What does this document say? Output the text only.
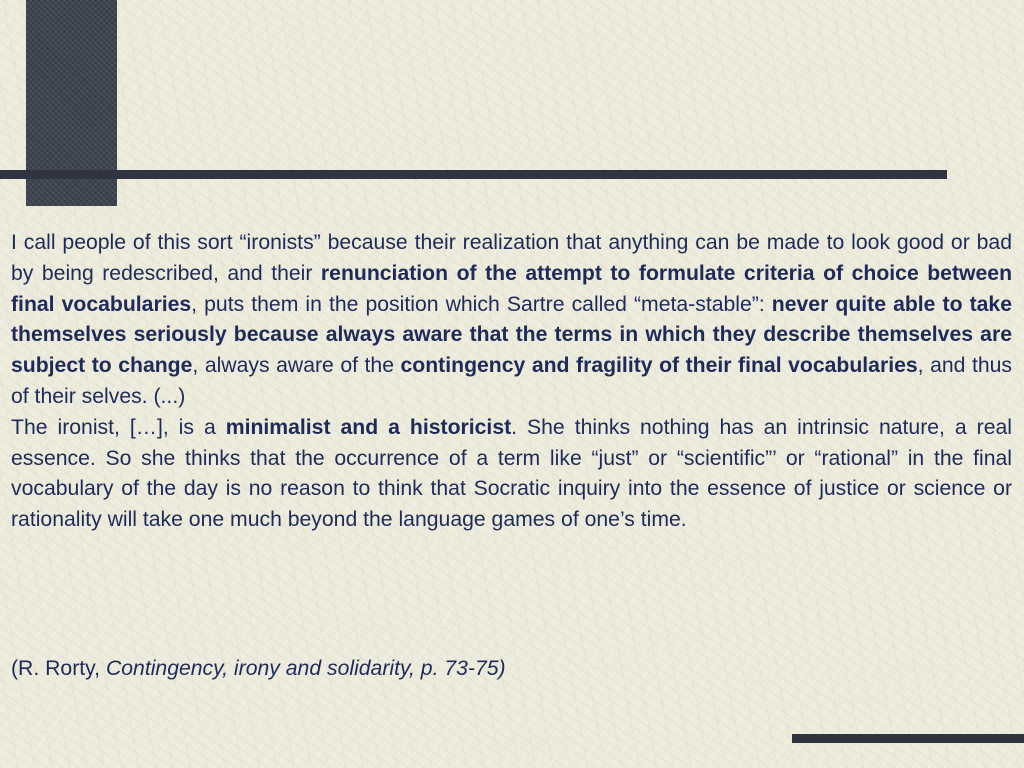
I call people of this sort “ironists” because their realization that anything can be made to look good or bad by being redescribed, and their renunciation of the attempt to formulate criteria of choice between final vocabularies, puts them in the position which Sartre called “meta-stable”: never quite able to take themselves seriously because always aware that the terms in which they describe themselves are subject to change, always aware of the contingency and fragility of their final vocabularies, and thus of their selves. (...)

The ironist, […], is a minimalist and a historicist. She thinks nothing has an intrinsic nature, a real essence. So she thinks that the occurrence of a term like “just” or “scientific”’ or “rational” in the final vocabulary of the day is no reason to think that Socratic inquiry into the essence of justice or science or rationality will take one much beyond the language games of one’s time.

(R. Rorty, Contingency, irony and solidarity, p. 73-75)
